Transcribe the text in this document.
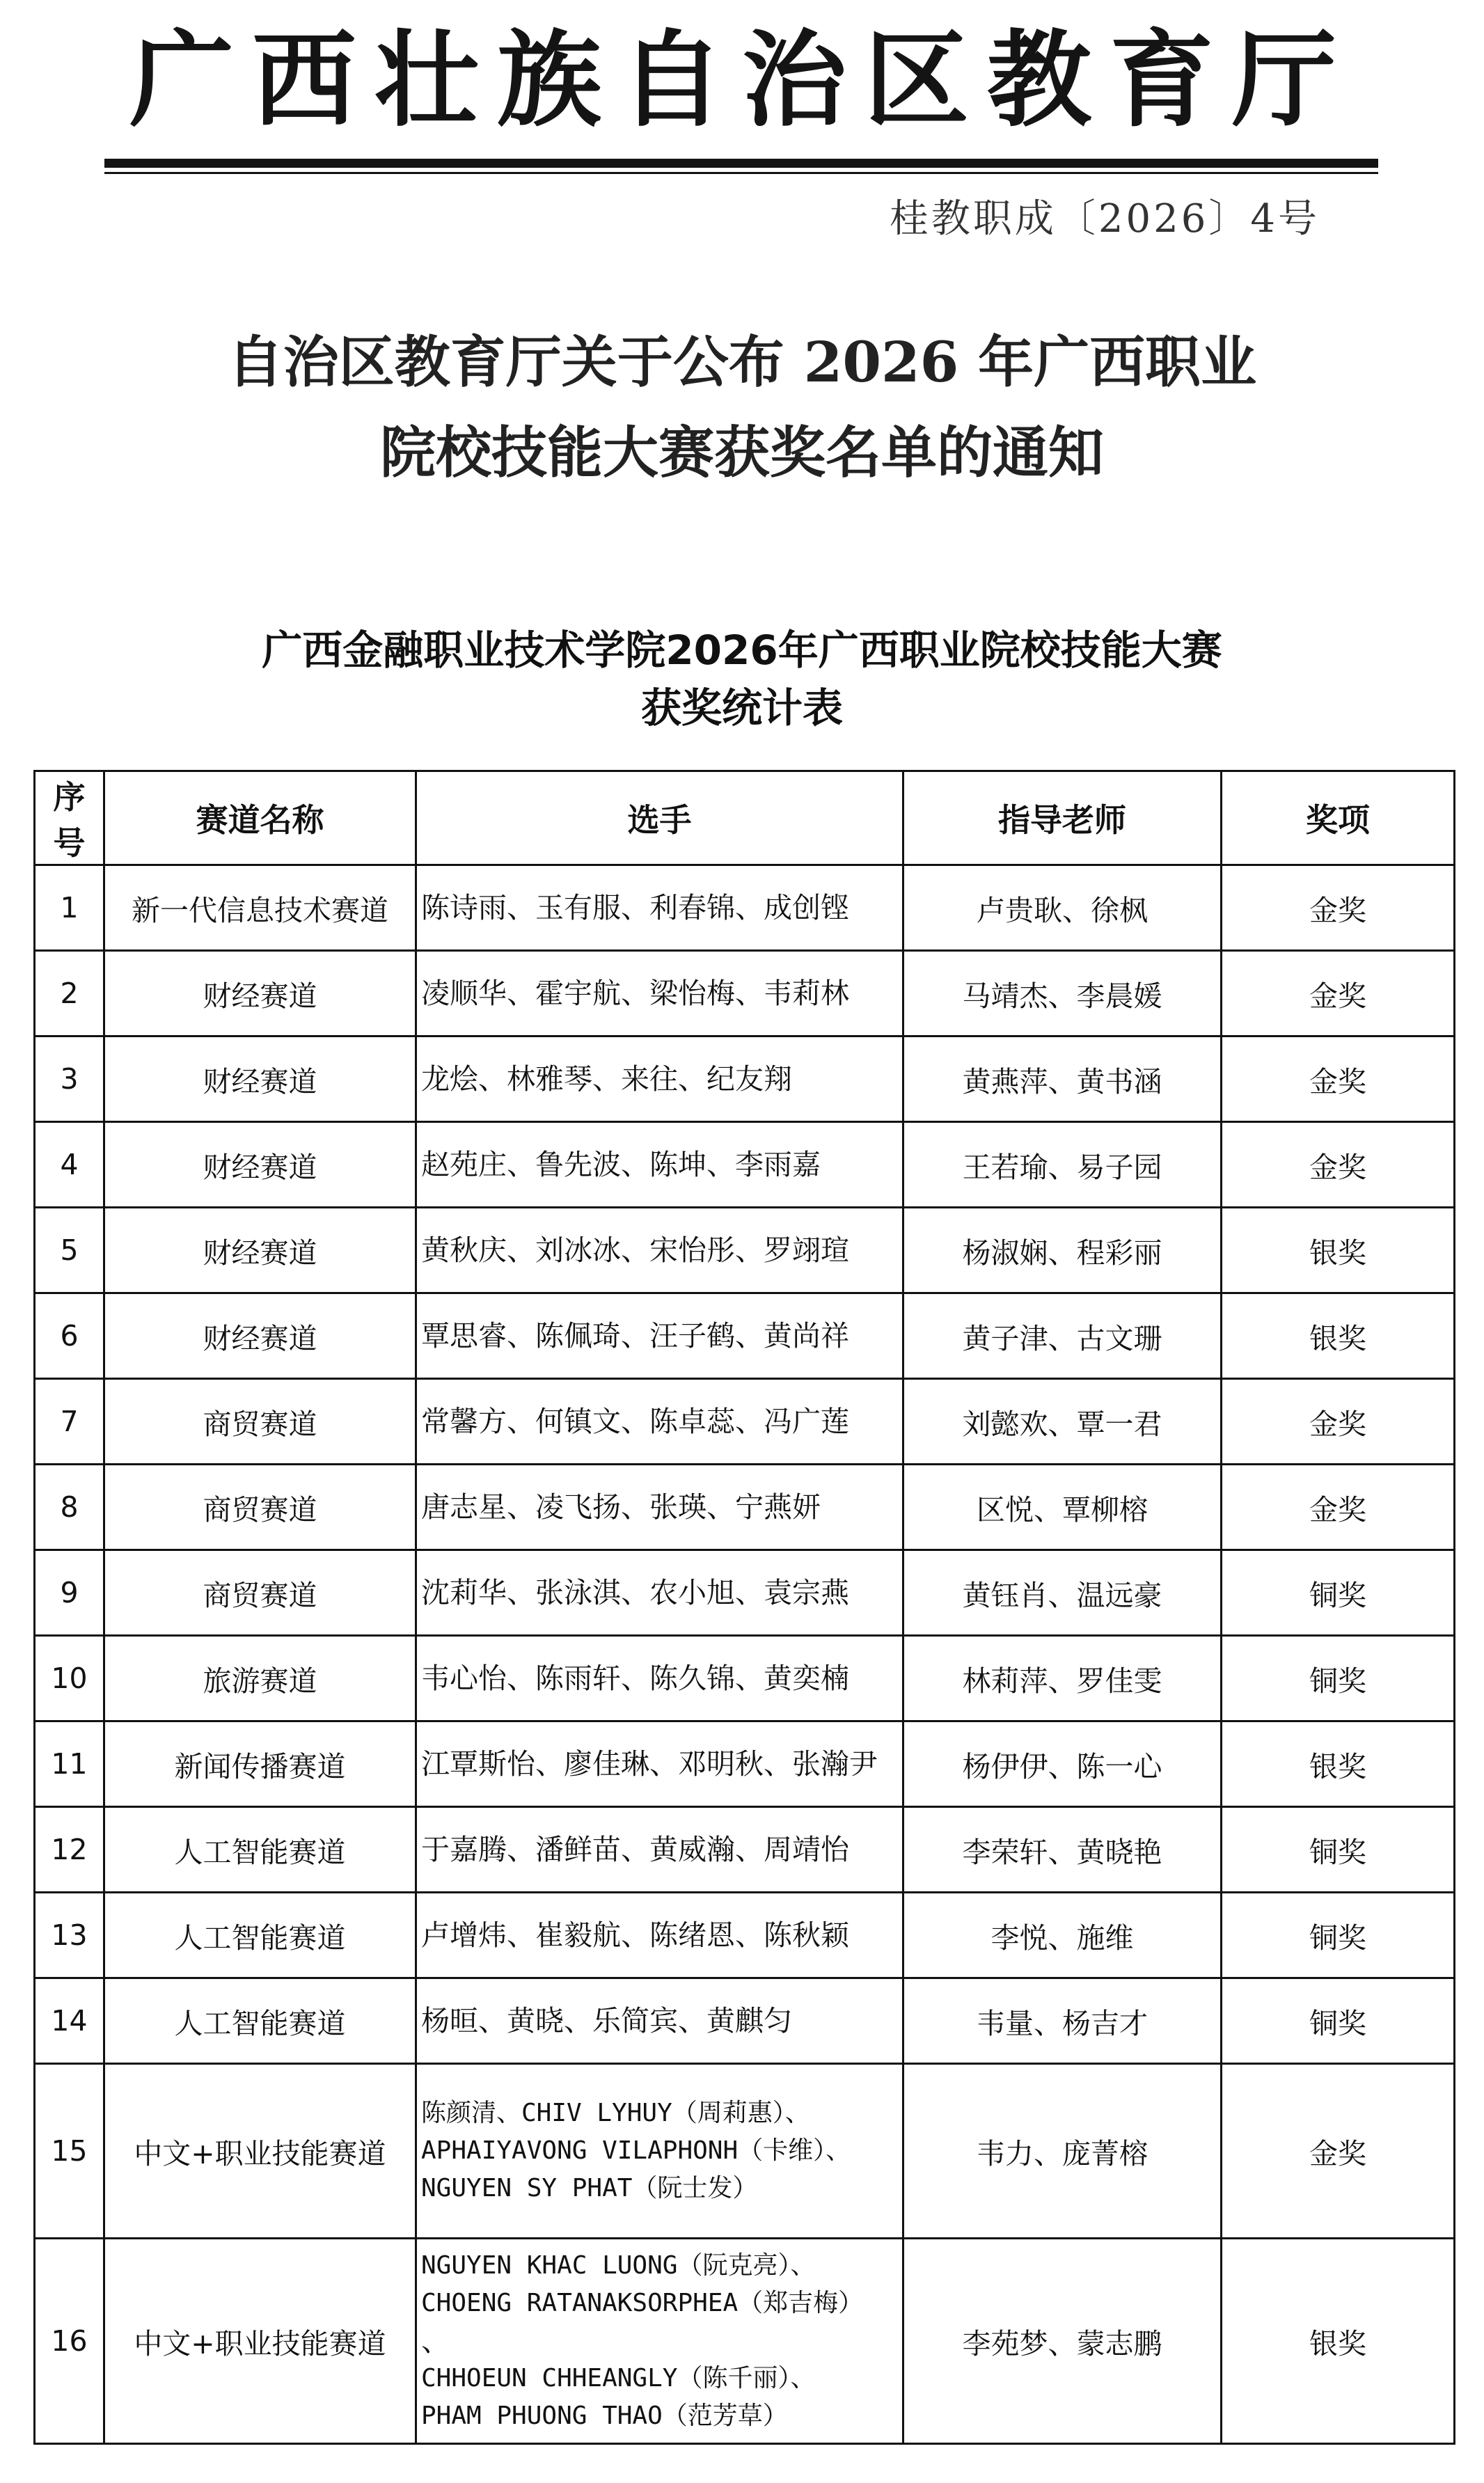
广西壮族自治区教育厅
桂教职成〔2026〕4号
自治区教育厅关于公布 2026 年广西职业
院校技能大赛获奖名单的通知
广西金融职业技术学院2026年广西职业院校技能大赛
获奖统计表
序号	赛道名称	选手	指导老师	奖项
1	新一代信息技术赛道	陈诗雨、玉有服、利春锦、成创铿	卢贵耿、徐枫	金奖
2	财经赛道	凌顺华、霍宇航、梁怡梅、韦莉林	马靖杰、李晨媛	金奖
3	财经赛道	龙烩、林雅琴、来往、纪友翔	黄燕萍、黄书涵	金奖
4	财经赛道	赵苑庄、鲁先波、陈坤、李雨嘉	王若瑜、易子园	金奖
5	财经赛道	黄秋庆、刘冰冰、宋怡彤、罗翊瑄	杨淑娴、程彩丽	银奖
6	财经赛道	覃思睿、陈佩琦、汪子鹤、黄尚祥	黄子津、古文珊	银奖
7	商贸赛道	常馨方、何镇文、陈卓蕊、冯广莲	刘懿欢、覃一君	金奖
8	商贸赛道	唐志星、凌飞扬、张瑛、宁燕妍	区悦、覃柳榕	金奖
9	商贸赛道	沈莉华、张泳淇、农小旭、袁宗燕	黄钰肖、温远豪	铜奖
10	旅游赛道	韦心怡、陈雨轩、陈久锦、黄奕楠	林莉萍、罗佳雯	铜奖
11	新闻传播赛道	江覃斯怡、廖佳琳、邓明秋、张瀚尹	杨伊伊、陈一心	银奖
12	人工智能赛道	于嘉腾、潘鲜苗、黄威瀚、周靖怡	李荣轩、黄晓艳	铜奖
13	人工智能赛道	卢增炜、崔毅航、陈绪恩、陈秋颖	李悦、施维	铜奖
14	人工智能赛道	杨晅、黄晓、乐简宾、黄麒匀	韦量、杨吉才	铜奖
15	中文+职业技能赛道	陈颜清、CHIV LYHUY（周莉惠）、
APHAIYAVONG VILAPHONH（卡维）、
NGUYEN SY PHAT（阮士发）	韦力、庞菁榕	金奖
16	中文+职业技能赛道	NGUYEN KHAC LUONG（阮克亮）、
CHOENG RATANAKSORPHEA（郑吉梅）
、
CHHOEUN CHHEANGLY（陈千丽）、
PHAM PHUONG THAO（范芳草）	李苑梦、蒙志鹏	银奖
